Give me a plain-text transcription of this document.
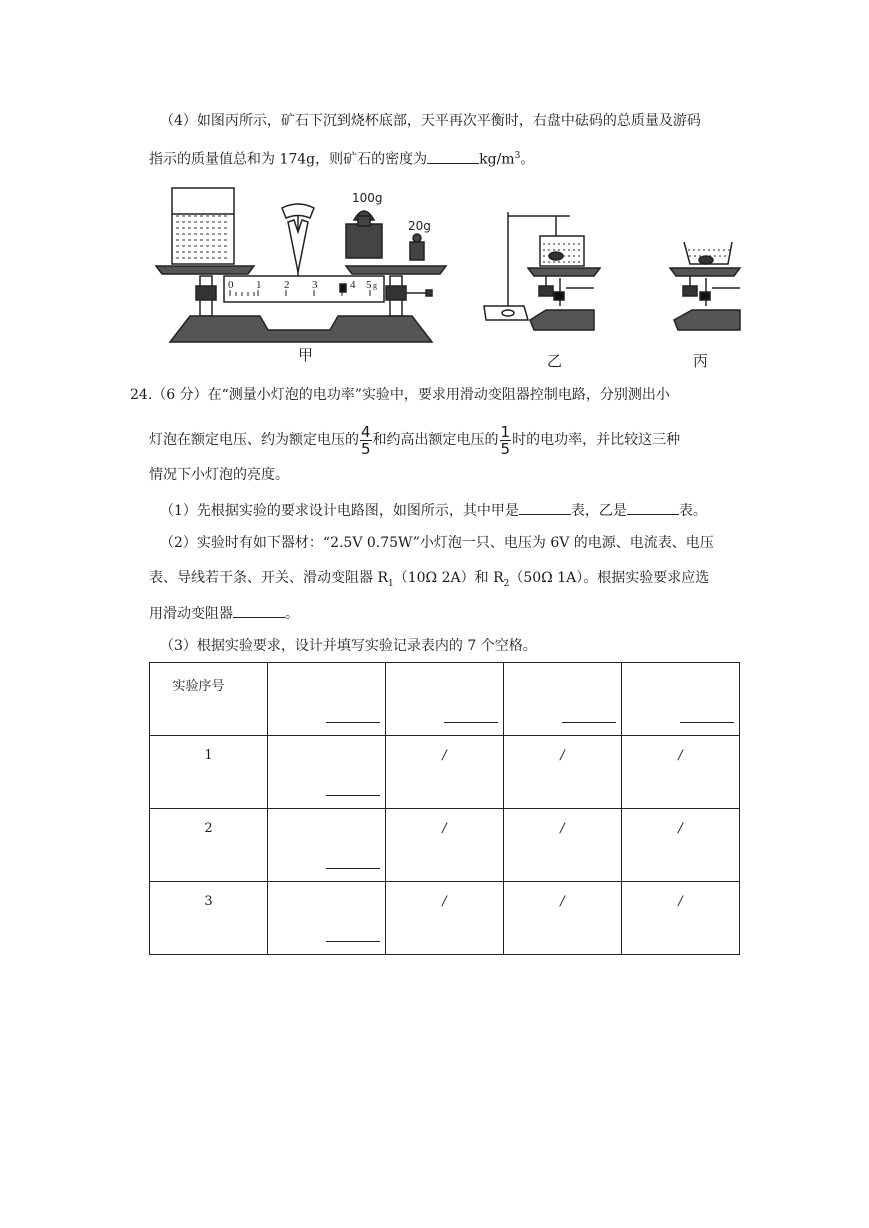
（4）如图丙所示，矿石下沉到烧杯底部，天平再次平衡时，右盘中砝码的总质量及游码
指示的质量值总和为 174g，则矿石的密度为	$kg/m^3$。
0 1 2 3	4 5 g
100g
20g
甲	乙	丙
24.（6 分）在“测量小灯泡的电功率”实验中，要求用滑动变阻器控制电路，分别测出小
灯泡在额定电压、约为额定电压的 $\frac{4}{5}$ 和约高出额定电压的 $\frac{1}{5}$ 时的电功率，并比较这三种
情况下小灯泡的亮度。
（1）先根据实验的要求设计电路图，如图所示，其中甲是	表，乙是	表。
（2）实验时有如下器材：“2.5V 0.75W”小灯泡一只、电压为 6V 的电源、电流表、电压
表、导线若干条、开关、滑动变阻器 $R_1(10\Omega$ 2A）和 $R_2(50\Omega$ 1A）。根据实验要求应选
用滑动变阻器	。
（3）根据实验要求，设计并填写实验记录表内的 7 个空格。
实验序号				

1		/	/	/

2		/	/	/

3		/	/	/
